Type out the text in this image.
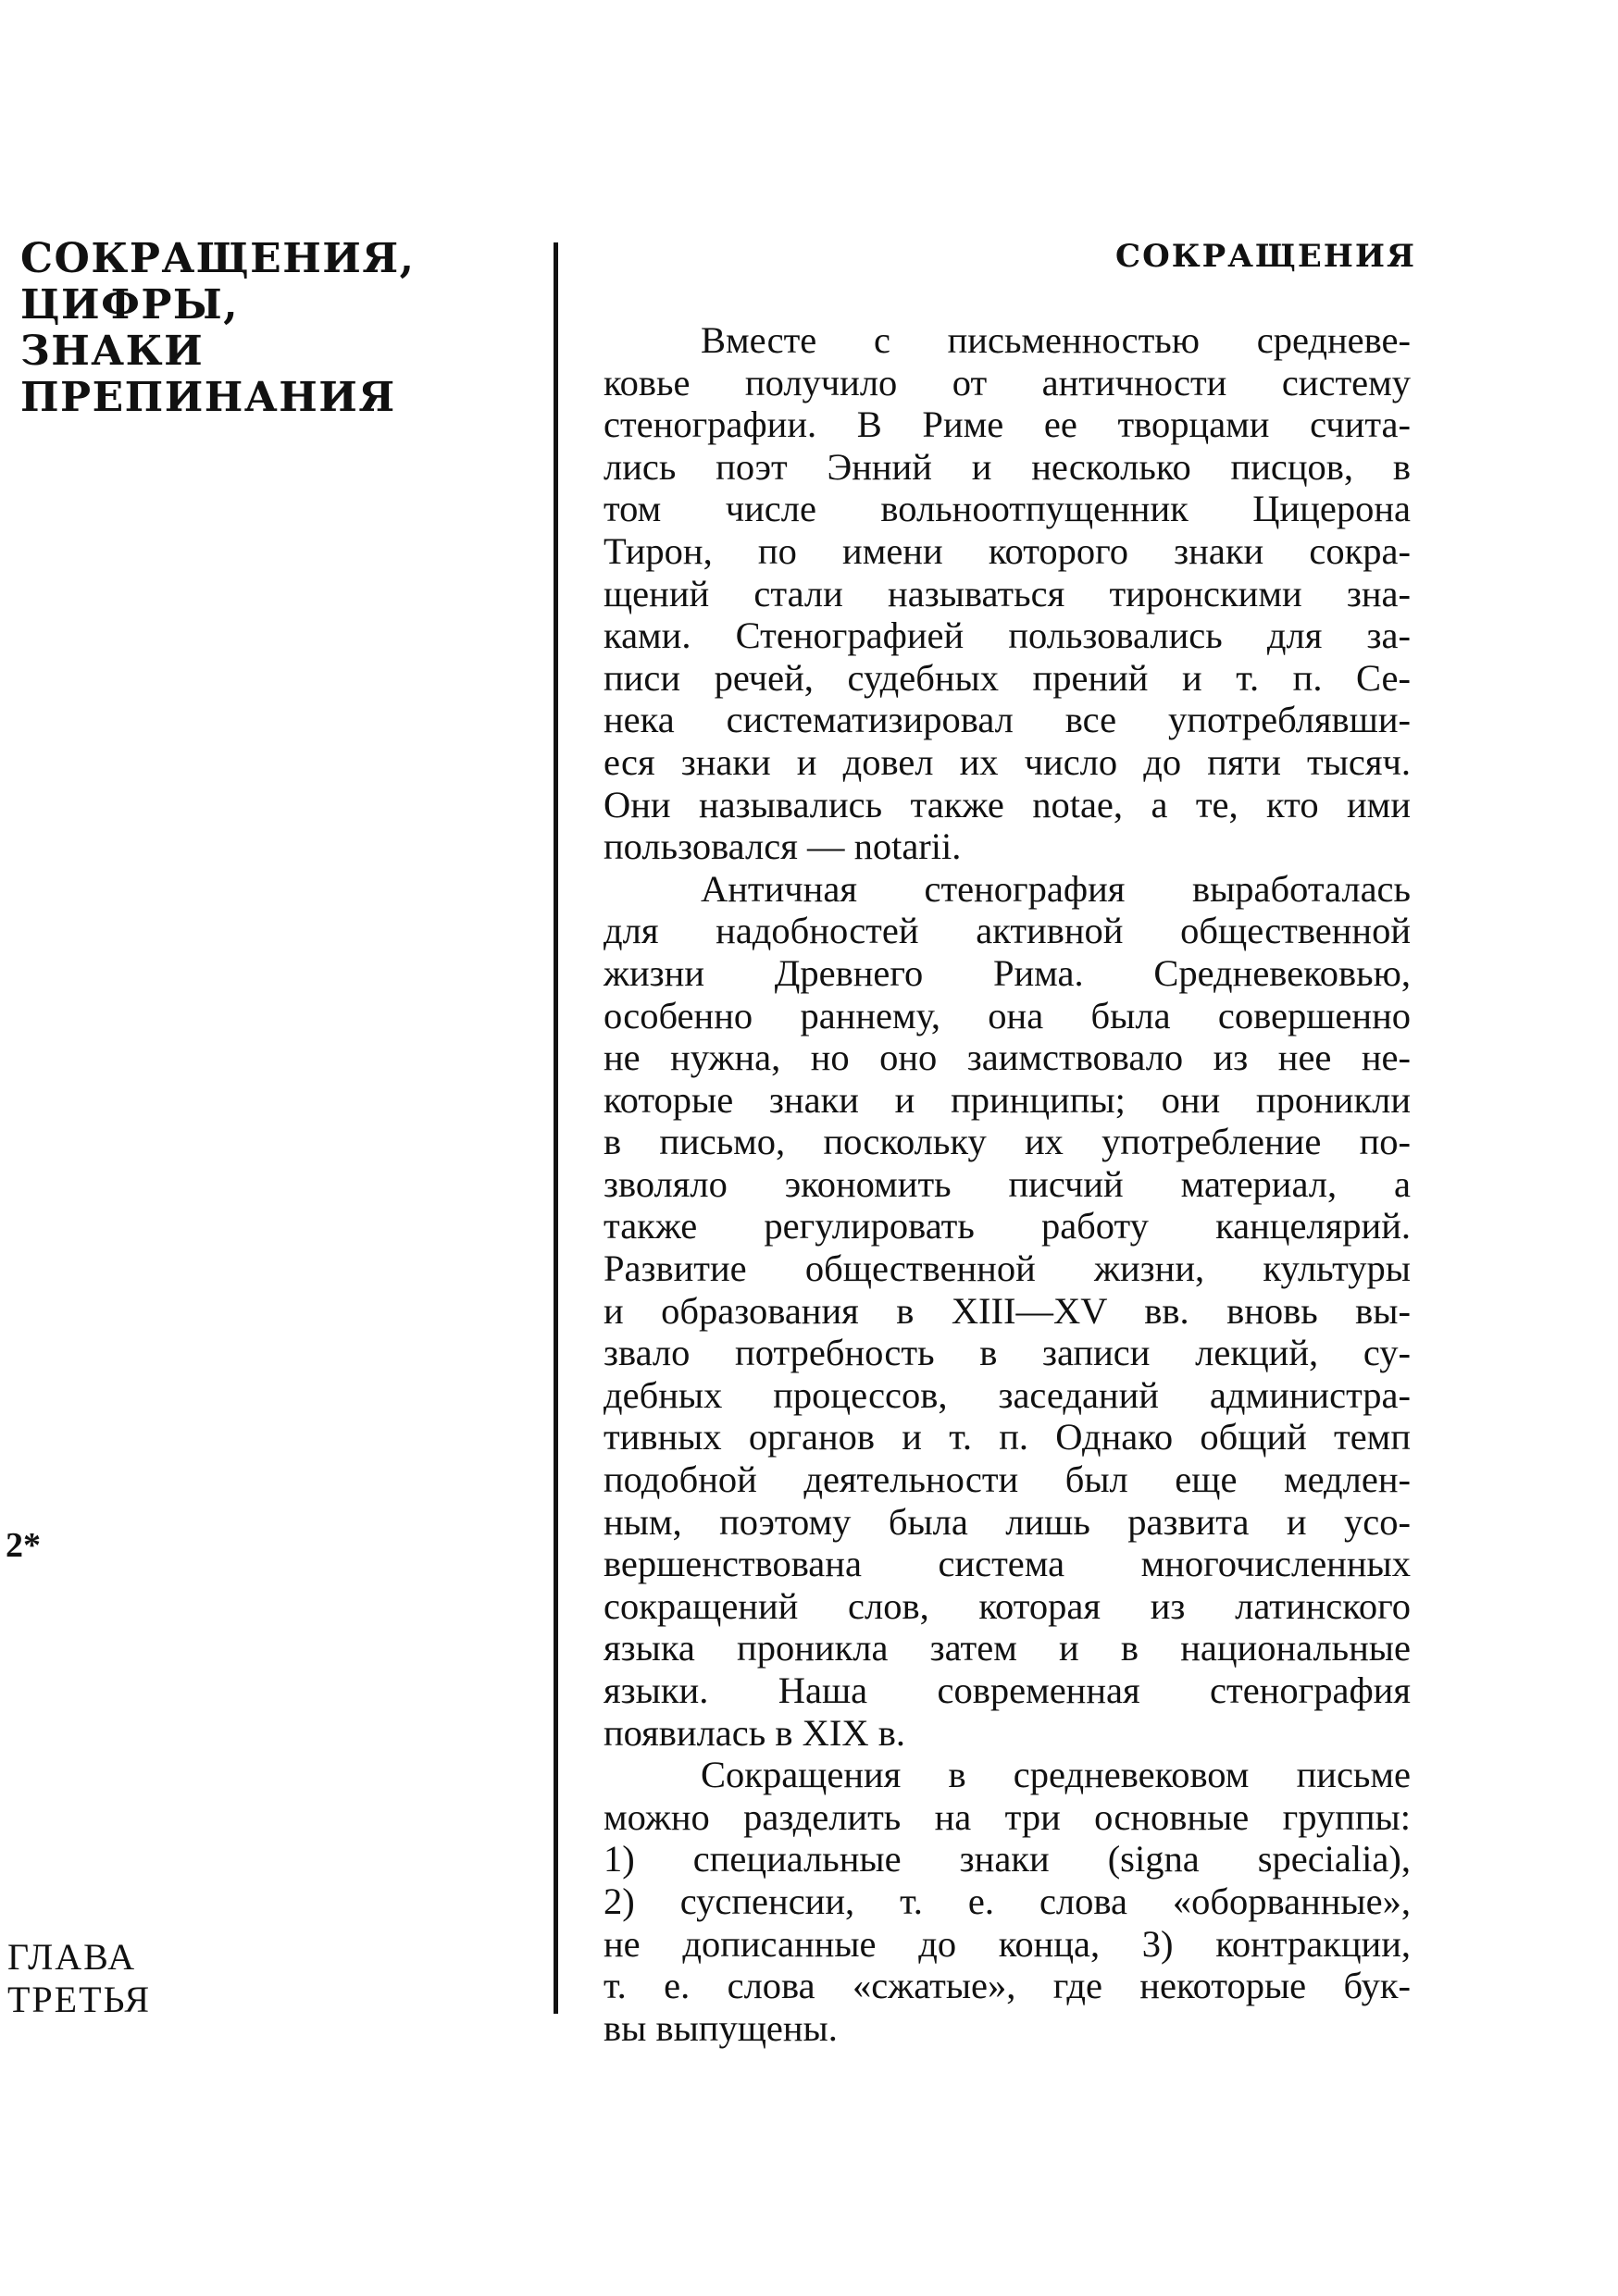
СОКРАЩЕНИЯ,
ЦИФРЫ,
ЗНАКИ
ПРЕПИНАНИЯ
2*
ГЛАВА
ТРЕТЬЯ
СОКРАЩЕНИЯ

Вместе с письменностью средневе-
ковье получило от античности систему
стенографии. В Риме ее творцами счита-
лись поэт Энний и несколько писцов, в
том числе вольноотпущенник Цицерона
Тирон, по имени которого знаки сокра-
щений стали называться тиронскими зна-
ками. Стенографией пользовались для за-
писи речей, судебных прений и т. п. Се-
нека систематизировал все употреблявши-
еся знаки и довел их число до пяти тысяч.
Они назывались также notae, а те, кто ими
пользовался — notarii.

Античная стенография выработалась
для надобностей активной общественной
жизни Древнего Рима. Средневековью,
особенно раннему, она была совершенно
не нужна, но оно заимствовало из нее не-
которые знаки и принципы; они проникли
в письмо, поскольку их употребление по-
зволяло экономить писчий материал, а
также регулировать работу канцелярий.
Развитие общественной жизни, культуры
и образования в XIII—XV вв. вновь вы-
звало потребность в записи лекций, су-
дебных процессов, заседаний администра-
тивных органов и т. п. Однако общий темп
подобной деятельности был еще медлен-
ным, поэтому была лишь развита и усо-
вершенствована система многочисленных
сокращений слов, которая из латинского
языка проникла затем и в национальные
языки. Наша современная стенография
появилась в XIX в.

Сокращения в средневековом письме
можно разделить на три основные группы:
1) специальные знаки (signa specialia),
2) суспенсии, т. е. слова «оборванные»,
не дописанные до конца, 3) контракции,
т. е. слова «сжатые», где некоторые бук-
вы выпущены.
